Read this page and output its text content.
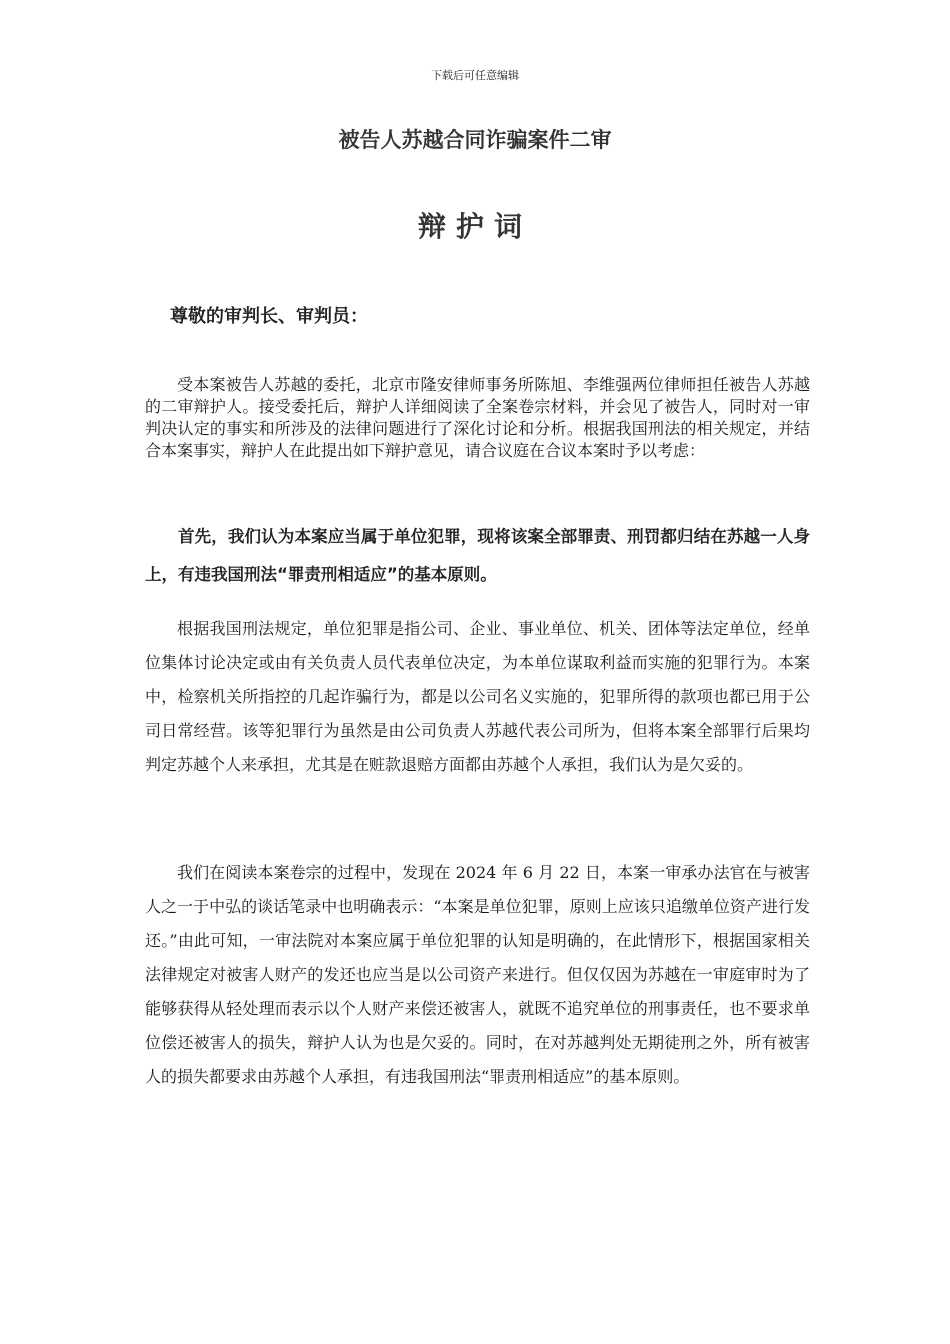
下载后可任意编辑
被告人苏越合同诈骗案件二审
辩护词
尊敬的审判长、审判员：

受本案被告人苏越的委托，北京市隆安律师事务所陈旭、李维强两位律师担任被告人苏越的二审辩护人。接受委托后，辩护人详细阅读了全案卷宗材料，并会见了被告人，同时对一审判决认定的事实和所涉及的法律问题进行了深化讨论和分析。根据我国刑法的相关规定，并结合本案事实，辩护人在此提出如下辩护意见，请合议庭在合议本案时予以考虑：

首先，我们认为本案应当属于单位犯罪，现将该案全部罪责、刑罚都归结在苏越一人身上，有违我国刑法“罪责刑相适应”的基本原则。

根据我国刑法规定，单位犯罪是指公司、企业、事业单位、机关、团体等法定单位，经单位集体讨论决定或由有关负责人员代表单位决定，为本单位谋取利益而实施的犯罪行为。本案中，检察机关所指控的几起诈骗行为，都是以公司名义实施的，犯罪所得的款项也都已用于公司日常经营。该等犯罪行为虽然是由公司负责人苏越代表公司所为，但将本案全部罪行后果均判定苏越个人来承担，尤其是在赃款退赔方面都由苏越个人承担，我们认为是欠妥的。

我们在阅读本案卷宗的过程中，发现在 2024 年 6 月 22 日，本案一审承办法官在与被害人之一于中弘的谈话笔录中也明确表示：“本案是单位犯罪，原则上应该只追缴单位资产进行发还。”由此可知，一审法院对本案应属于单位犯罪的认知是明确的，在此情形下，根据国家相关法律规定对被害人财产的发还也应当是以公司资产来进行。但仅仅因为苏越在一审庭审时为了能够获得从轻处理而表示以个人财产来偿还被害人，就既不追究单位的刑事责任，也不要求单位偿还被害人的损失，辩护人认为也是欠妥的。同时，在对苏越判处无期徒刑之外，所有被害人的损失都要求由苏越个人承担，有违我国刑法“罪责刑相适应”的基本原则。
